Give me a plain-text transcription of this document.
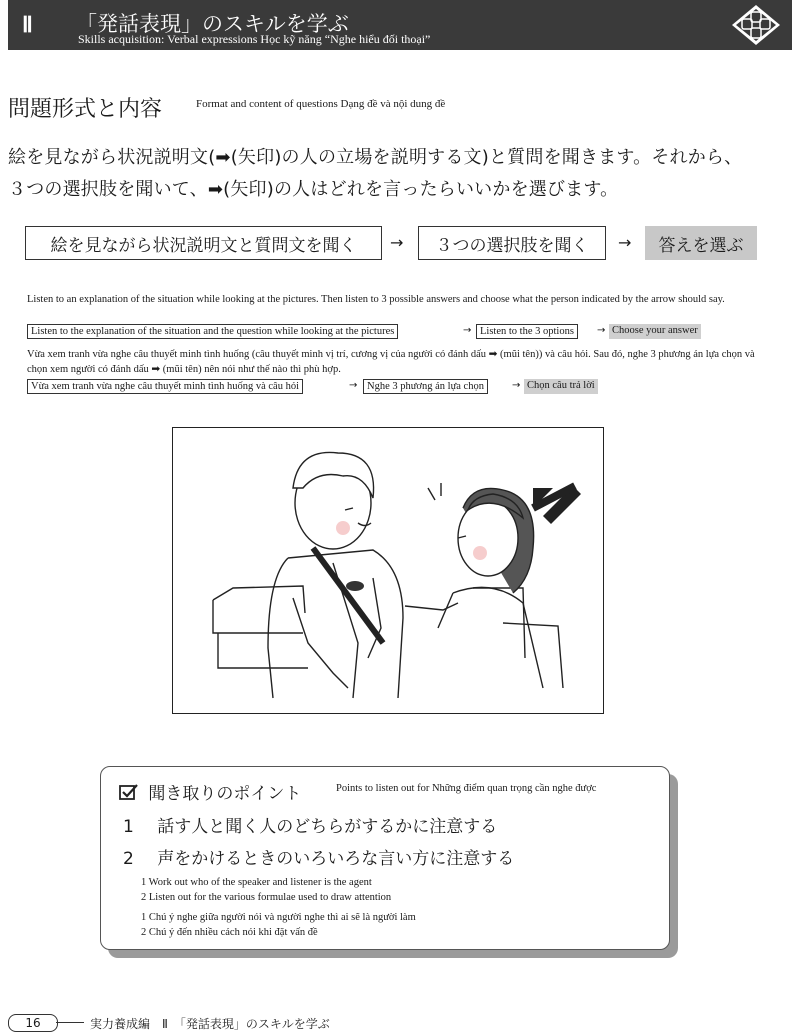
Ⅱ 「発話表現」のスキルを学ぶ
Skills acquisition: Verbal expressions Học kỹ năng “Nghe hiểu đối thoại”
問題形式と内容	Format and content of questions Dạng đề và nội dung đề
絵を見ながら状況説明文(➡(矢印)の人の立場を説明する文)と質問を聞きます。それから、
３つの選択肢を聞いて、➡(矢印)の人はどれを言ったらいいかを選びます。
絵を見ながら状況説明文と質問文を聞く	→	３つの選択肢を聞く	→	答えを選ぶ
Listen to an explanation of the situation while looking at the pictures. Then listen to 3 possible answers and choose what the person indicated by the arrow should say.
Listen to the explanation of the situation and the question while looking at the pictures	→ Listen to the 3 options	→ Choose your answer
Vừa xem tranh vừa nghe câu thuyết minh tình huống (câu thuyết minh vị trí, cương vị của người có đánh dấu ➡ (mũi tên)) và câu hỏi. Sau đó, nghe 3 phương án lựa chọn và chọn xem người có đánh dấu ➡ (mũi tên) nên nói như thế nào thì phù hợp.
Vừa xem tranh vừa nghe câu thuyết minh tình huống và câu hỏi	→ Nghe 3 phương án lựa chọn	→ Chọn câu trả lời
聞き取りのポイント	Points to listen out for Những điểm quan trọng cần nghe được
1 話す人と聞く人のどちらがするかに注意する
2 声をかけるときのいろいろな言い方に注意する
1 Work out who of the speaker and listener is the agent
2 Listen out for the various formulae used to draw attention
1 Chú ý nghe giữa người nói và người nghe thì ai sẽ là người làm
2 Chú ý đến nhiều cách nói khi đặt vấn đề
16	実力養成編　Ⅱ　「発話表現」のスキルを学ぶ
